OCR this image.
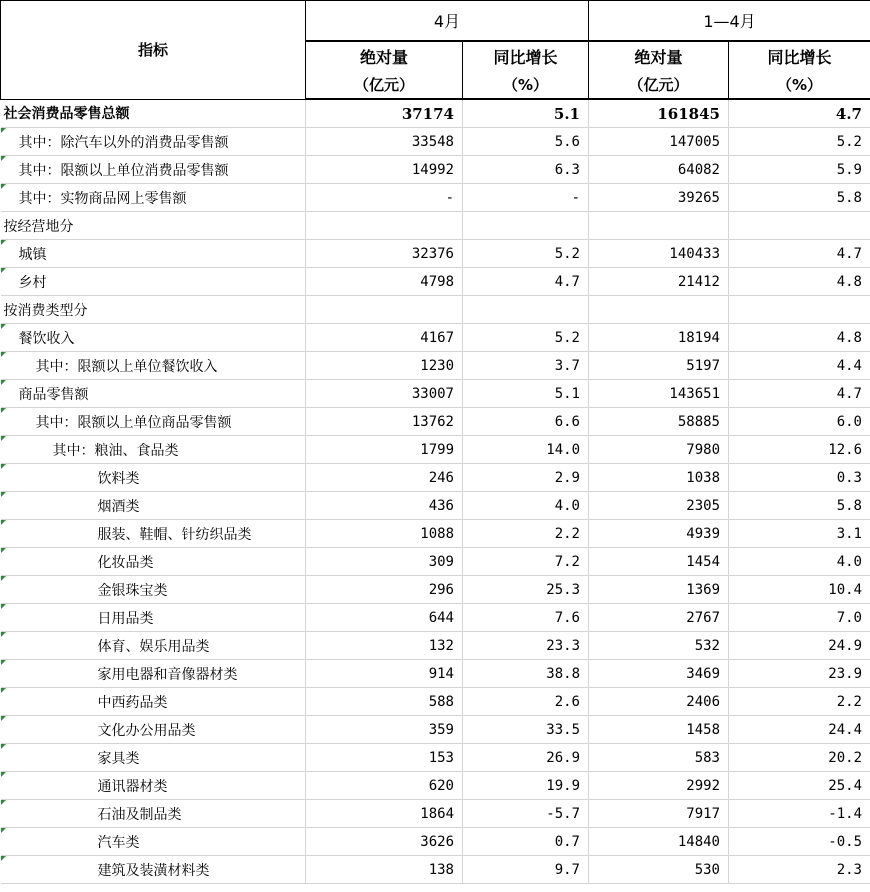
指标	4月		1—4月	
	绝对量	同比增长	绝对量	同比增长
	（亿元）	（%）	（亿元）	（%）
社会消费品零售总额	37174	5.1	161845	4.7

其中：除汽车以外的消费品零售额	33548	5.6	147005	5.2

其中：限额以上单位消费品零售额	14992	6.3	64082	5.9

其中：实物商品网上零售额	-	-	39265	5.8
按经营地分				

城镇	32376	5.2	140433	4.7

乡村	4798	4.7	21412	4.8
按消费类型分				

餐饮收入	4167	5.2	18194	4.8

其中：限额以上单位餐饮收入	1230	3.7	5197	4.4

商品零售额	33007	5.1	143651	4.7

其中：限额以上单位商品零售额	13762	6.6	58885	6.0

其中：粮油、食品类	1799	14.0	7980	12.6

饮料类	246	2.9	1038	0.3

烟酒类	436	4.0	2305	5.8

服装、鞋帽、针纺织品类	1088	2.2	4939	3.1

化妆品类	309	7.2	1454	4.0

金银珠宝类	296	25.3	1369	10.4

日用品类	644	7.6	2767	7.0

体育、娱乐用品类	132	23.3	532	24.9

家用电器和音像器材类	914	38.8	3469	23.9

中西药品类	588	2.6	2406	2.2

文化办公用品类	359	33.5	1458	24.4

家具类	153	26.9	583	20.2

通讯器材类	620	19.9	2992	25.4

石油及制品类	1864	-5.7	7917	-1.4

汽车类	3626	0.7	14840	-0.5

建筑及装潢材料类	138	9.7	530	2.3
